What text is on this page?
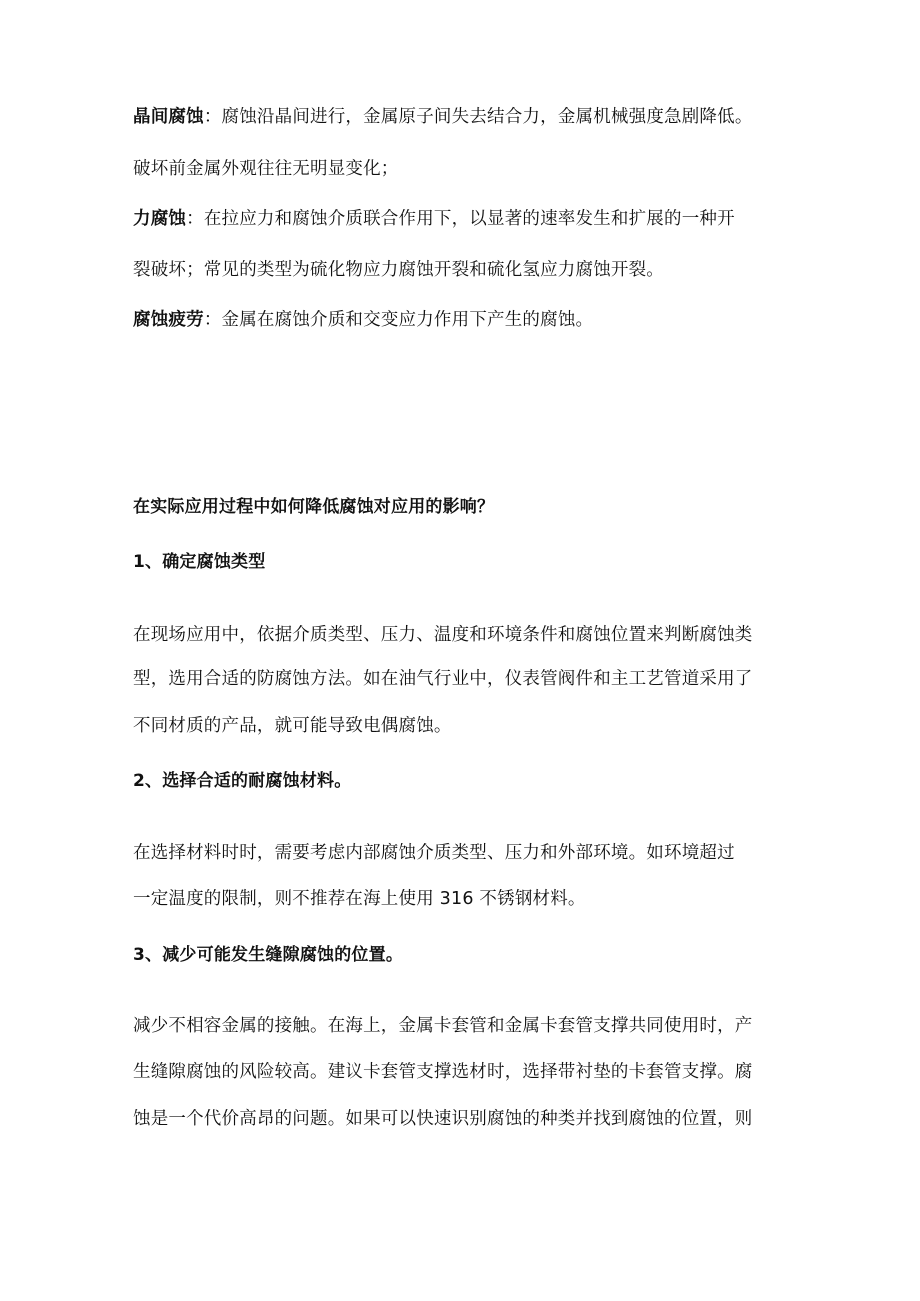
晶间腐蚀：腐蚀沿晶间进行，金属原子间失去结合力，金属机械强度急剧降低。
破坏前金属外观往往无明显变化；
力腐蚀：在拉应力和腐蚀介质联合作用下，以显著的速率发生和扩展的一种开
裂破坏；常见的类型为硫化物应力腐蚀开裂和硫化氢应力腐蚀开裂。
腐蚀疲劳：金属在腐蚀介质和交变应力作用下产生的腐蚀。
在实际应用过程中如何降低腐蚀对应用的影响？
1、确定腐蚀类型
在现场应用中，依据介质类型、压力、温度和环境条件和腐蚀位置来判断腐蚀类
型，选用合适的防腐蚀方法。如在油气行业中，仪表管阀件和主工艺管道采用了
不同材质的产品，就可能导致电偶腐蚀。
2、选择合适的耐腐蚀材料。
在选择材料时时，需要考虑内部腐蚀介质类型、压力和外部环境。如环境超过
一定温度的限制，则不推荐在海上使用 316 不锈钢材料。
3、减少可能发生缝隙腐蚀的位置。
减少不相容金属的接触。在海上，金属卡套管和金属卡套管支撑共同使用时，产
生缝隙腐蚀的风险较高。建议卡套管支撑选材时，选择带衬垫的卡套管支撑。腐
蚀是一个代价高昂的问题。如果可以快速识别腐蚀的种类并找到腐蚀的位置，则
